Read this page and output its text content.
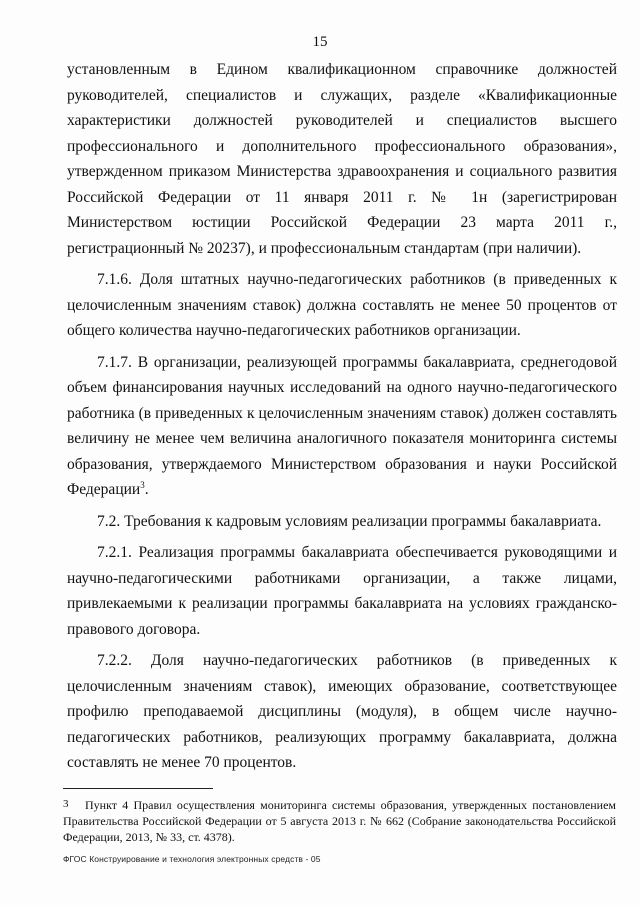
15

установленным в Едином квалификационном справочнике должностей руководителей, специалистов и служащих, разделе «Квалификационные характеристики должностей руководителей и специалистов высшего профессионального и дополнительного профессионального образования», утвержденном приказом Министерства здравоохранения и социального развития Российской Федерации от 11 января 2011 г. № 1н (зарегистрирован Министерством юстиции Российской Федерации 23 марта 2011 г., регистрационный № 20237), и профессиональным стандартам (при наличии).

7.1.6. Доля штатных научно-педагогических работников (в приведенных к целочисленным значениям ставок) должна составлять не менее 50 процентов от общего количества научно-педагогических работников организации.

7.1.7. В организации, реализующей программы бакалавриата, среднегодовой объем финансирования научных исследований на одного научно-педагогического работника (в приведенных к целочисленным значениям ставок) должен составлять величину не менее чем величина аналогичного показателя мониторинга системы образования, утверждаемого Министерством образования и науки Российской Федерации$^3$.

7.2. Требования к кадровым условиям реализации программы бакалавриата.

7.2.1. Реализация программы бакалавриата обеспечивается руководящими и научно-педагогическими работниками организации, а также лицами, привлекаемыми к реализации программы бакалавриата на условиях гражданско-правового договора.

7.2.2. Доля научно-педагогических работников (в приведенных к целочисленным значениям ставок), имеющих образование, соответствующее профилю преподаваемой дисциплины (модуля), в общем числе научно-педагогических работников, реализующих программу бакалавриата, должна составлять не менее 70 процентов.

3 Пункт 4 Правил осуществления мониторинга системы образования, утвержденных постановлением Правительства Российской Федерации от 5 августа 2013 г. № 662 (Собрание законодательства Российской Федерации, 2013, № 33, ст. 4378).
ФГОС Конструирование и технология электронных средств - 05
